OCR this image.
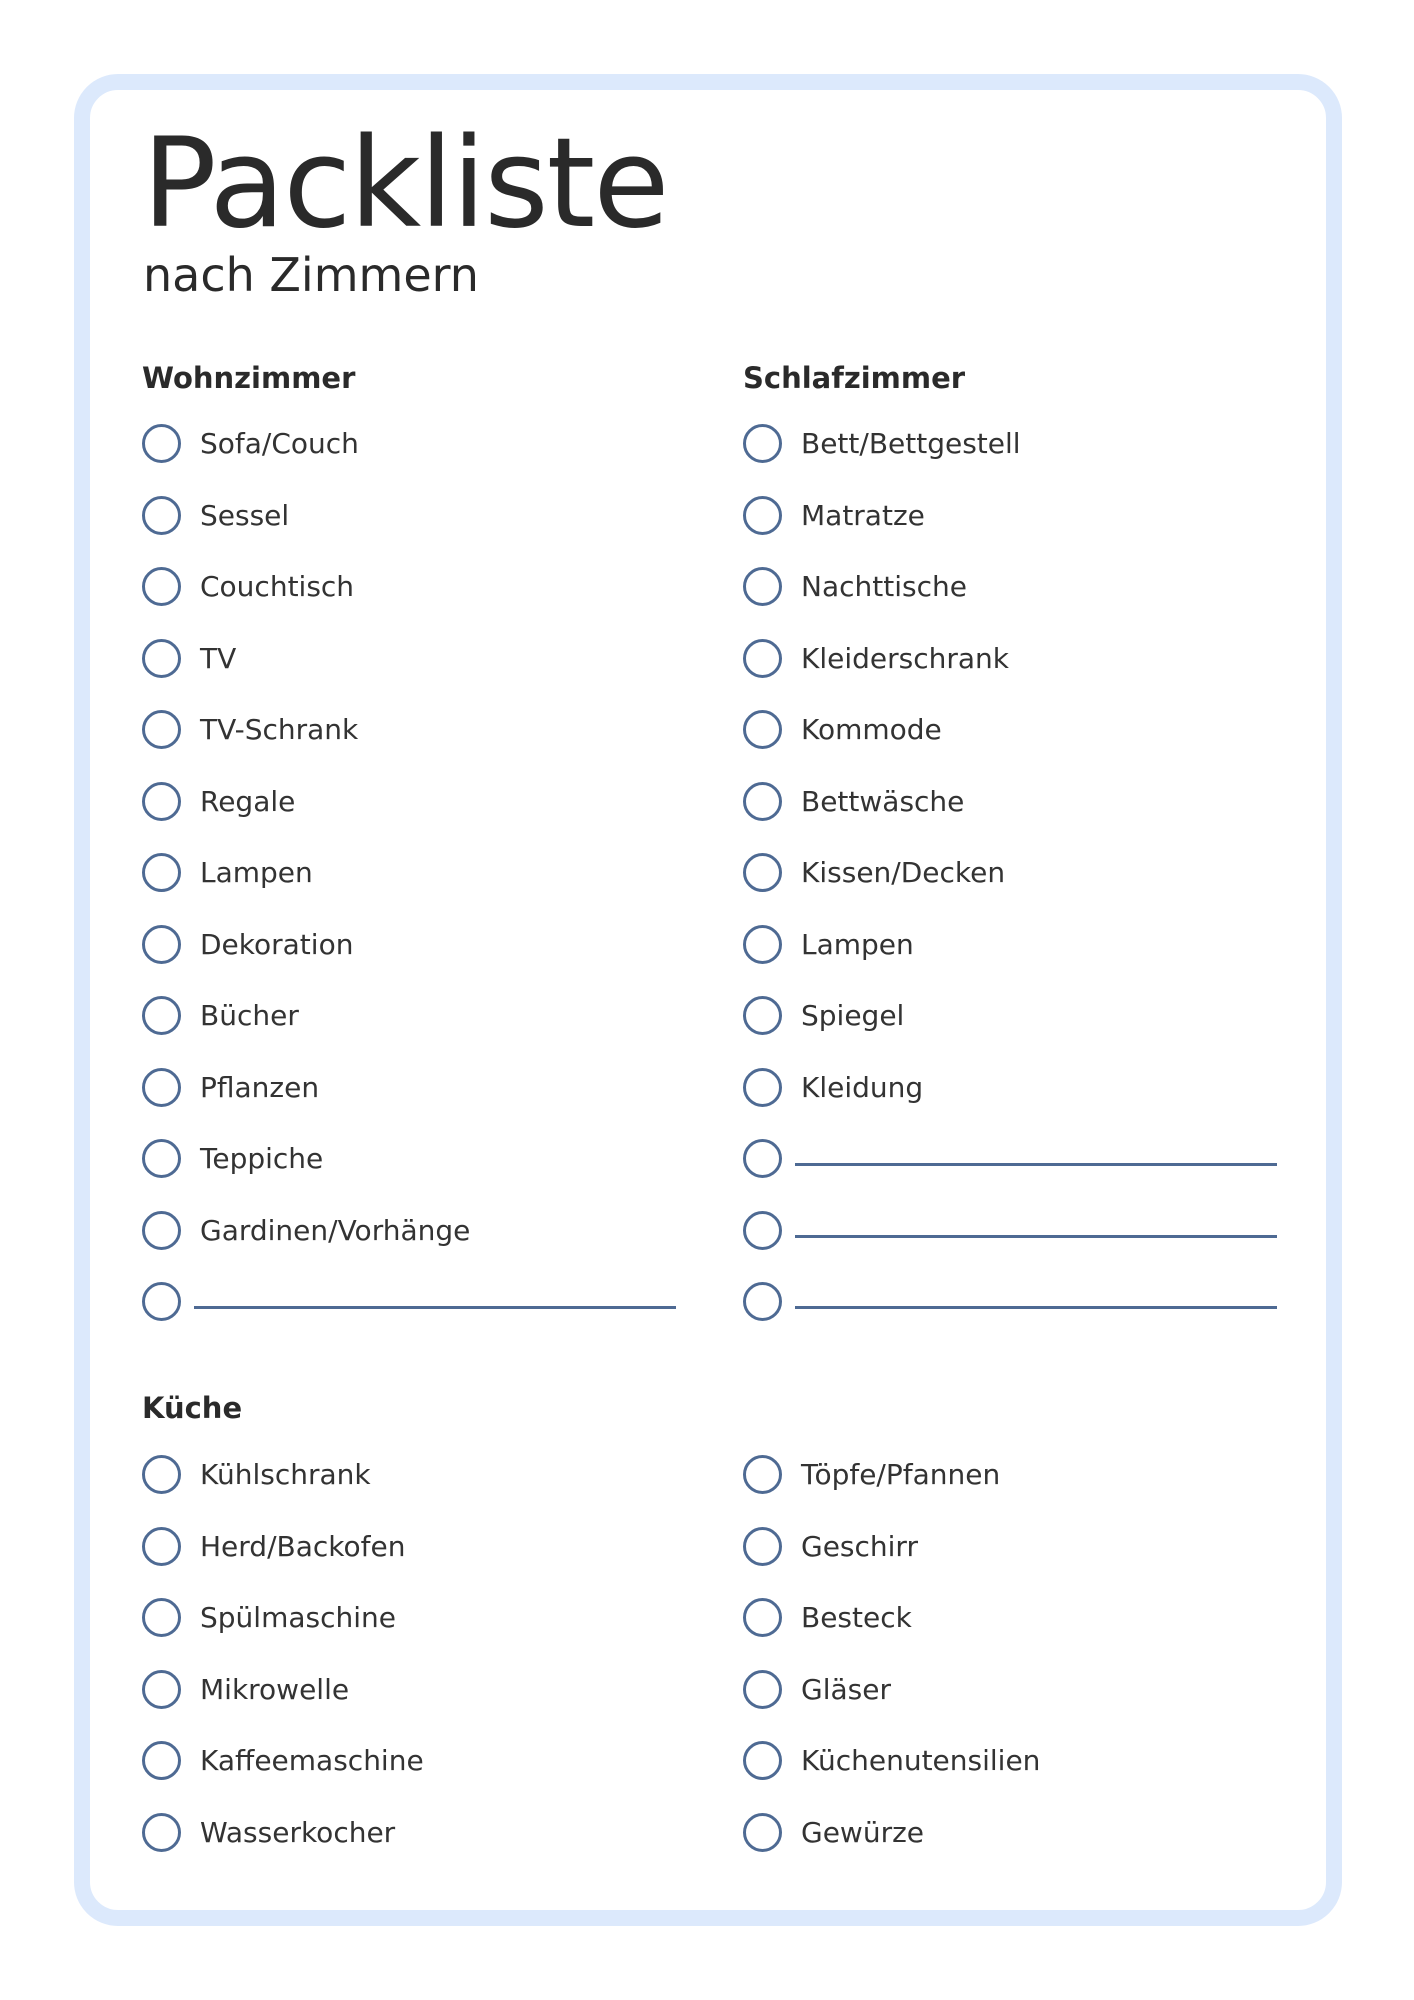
Packliste
nach Zimmern
Wohnzimmer	Schlafzimmer
Küche
Sofa/Couch
Sessel
Couchtisch
TV
TV-Schrank
Regale
Lampen
Dekoration
Bücher
Pflanzen
Teppiche
Gardinen/Vorhänge
Bett/Bettgestell
Matratze
Nachttische
Kleiderschrank
Kommode
Bettwäsche
Kissen/Decken
Lampen
Spiegel
Kleidung
Kühlschrank
Herd/Backofen
Spülmaschine
Mikrowelle
Kaffeemaschine
Wasserkocher
Töpfe/Pfannen
Geschirr
Besteck
Gläser
Küchenutensilien
Gewürze
